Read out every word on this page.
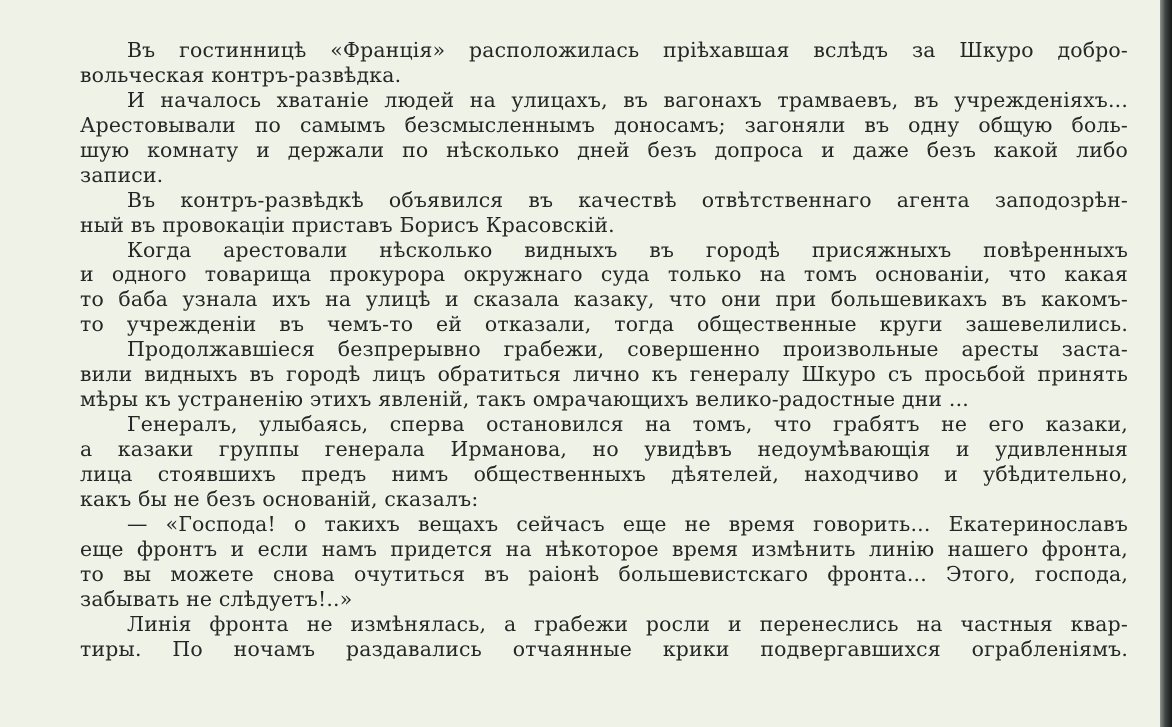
Въ гостинницѣ «Франція» расположилась пріѣхавшая вслѣдъ за Шкуро добро-
вольческая контръ-развѣдка.
И началось хватаніе людей на улицахъ, въ вагонахъ трамваевъ, въ учрежденіяхъ...
Арестовывали по самымъ безсмысленнымъ доносамъ; загоняли въ одну общую боль-
шую комнату и держали по нѣсколько дней безъ допроса и даже безъ какой либо
записи.
Въ контръ-развѣдкѣ объявился въ качествѣ отвѣтственнаго агента заподозрѣн-
ный въ провокаціи приставъ Борисъ Красовскій.
Когда арестовали нѣсколько видныхъ въ городѣ присяжныхъ повѣренныхъ
и одного товарища прокурора окружнаго суда только на томъ основаніи, что какая
то баба узнала ихъ на улицѣ и сказала казаку, что они при большевикахъ въ какомъ-
то учрежденіи въ чемъ-то ей отказали, тогда общественные круги зашевелились.
Продолжавшіеся безпрерывно грабежи, совершенно произвольные аресты заста-
вили видныхъ въ городѣ лицъ обратиться лично къ генералу Шкуро съ просьбой принять
мѣры къ устраненію этихъ явленій, такъ омрачающихъ велико-радостные дни ...
Генералъ, улыбаясь, сперва остановился на томъ, что грабятъ не его казаки,
а казаки группы генерала Ирманова, но увидѣвъ недоумѣвающія и удивленныя
лица стоявшихъ предъ нимъ общественныхъ дѣятелей, находчиво и убѣдительно,
какъ бы не безъ основаній, сказалъ:
— «Господа! о такихъ вещахъ сейчасъ еще не время говорить... Екатеринославъ
еще фронтъ и если намъ придется на нѣкоторое время измѣнить линію нашего фронта,
то вы можете снова очутиться въ раіонѣ большевистскаго фронта... Этого, господа,
забывать не слѣдуетъ!..»
Линія фронта не измѣнялась, а грабежи росли и перенеслись на частныя квар-
тиры. По ночамъ раздавались отчаянные крики подвергавшихся ограбленіямъ.
